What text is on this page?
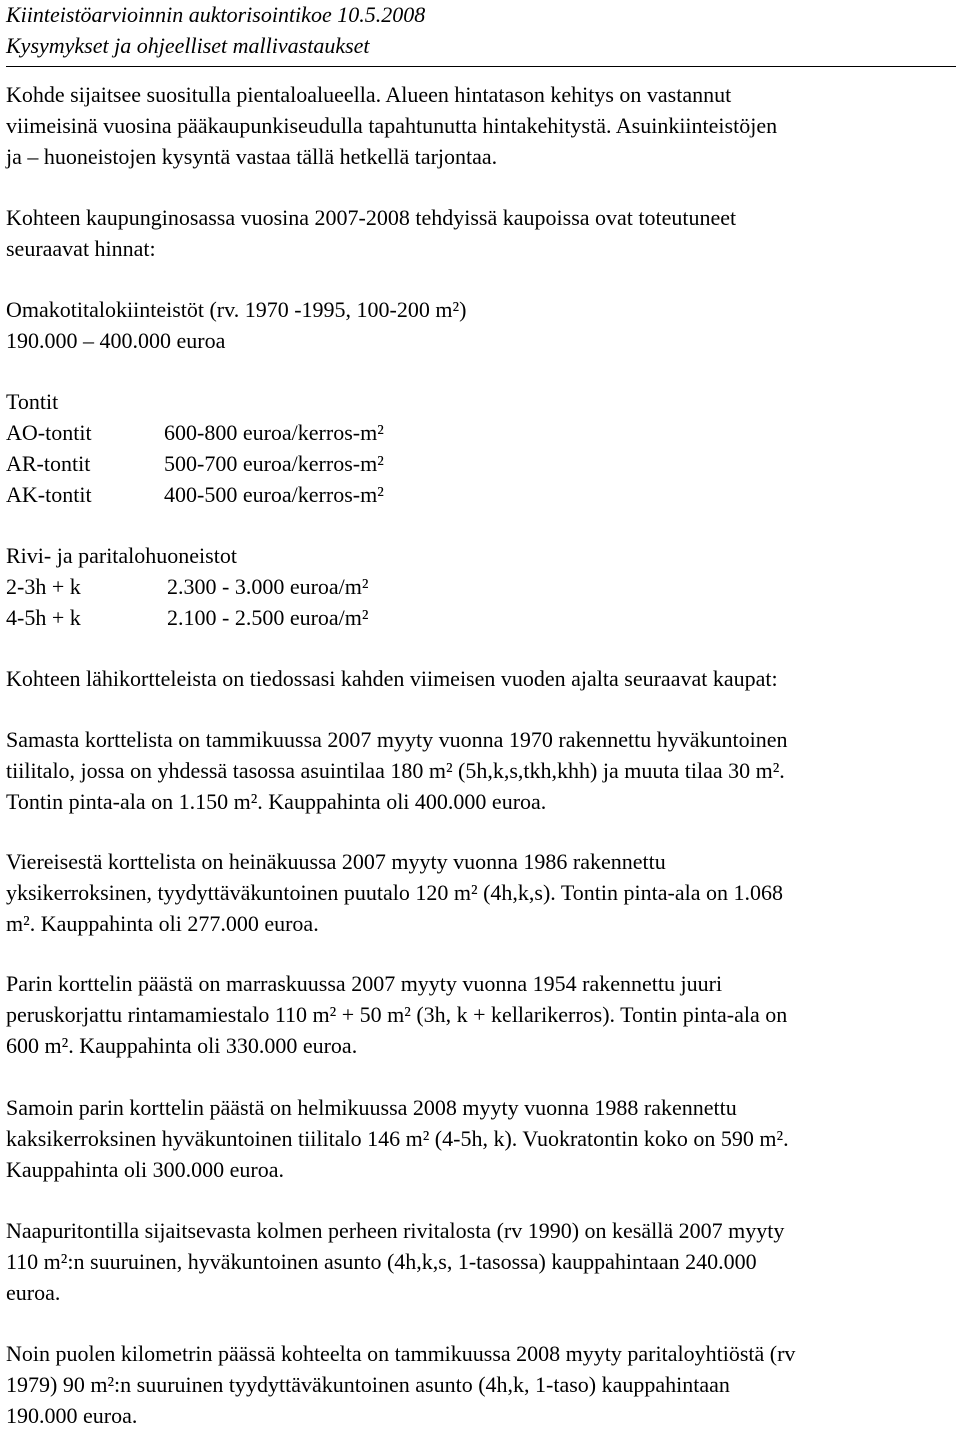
Kiinteistöarvioinnin auktorisointikoe 10.5.2008
Kysymykset ja ohjeelliset mallivastaukset
Kohde sijaitsee suositulla pientaloalueella. Alueen hintatason kehitys on vastannut
viimeisinä vuosina pääkaupunkiseudulla tapahtunutta hintakehitystä. Asuinkiinteistöjen
ja – huoneistojen kysyntä vastaa tällä hetkellä tarjontaa.
Kohteen kaupunginosassa vuosina 2007-2008 tehdyissä kaupoissa ovat toteutuneet
seuraavat hinnat:
Omakotitalokiinteistöt (rv. 1970 -1995, 100-200 m²)
190.000 – 400.000 euroa
Tontit
AO-tontit	600-800 euroa/kerros-m²
AR-tontit	500-700 euroa/kerros-m²
AK-tontit	400-500 euroa/kerros-m²
Rivi- ja paritalohuoneistot
2-3h + k	2.300 - 3.000 euroa/m²
4-5h + k	2.100 - 2.500 euroa/m²
Kohteen lähikortteleista on tiedossasi kahden viimeisen vuoden ajalta seuraavat kaupat:
Samasta korttelista on tammikuussa 2007 myyty vuonna 1970 rakennettu hyväkuntoinen
tiilitalo, jossa on yhdessä tasossa asuintilaa 180 m² (5h,k,s,tkh,khh) ja muuta tilaa 30 m².
Tontin pinta-ala on 1.150 m². Kauppahinta oli 400.000 euroa.
Viereisestä korttelista on heinäkuussa 2007 myyty vuonna 1986 rakennettu
yksikerroksinen, tyydyttäväkuntoinen puutalo 120 m² (4h,k,s). Tontin pinta-ala on 1.068
m². Kauppahinta oli 277.000 euroa.
Parin korttelin päästä on marraskuussa 2007 myyty vuonna 1954 rakennettu juuri
peruskorjattu rintamamiestalo 110 m² + 50 m² (3h, k + kellarikerros). Tontin pinta-ala on
600 m². Kauppahinta oli 330.000 euroa.
Samoin parin korttelin päästä on helmikuussa 2008 myyty vuonna 1988 rakennettu
kaksikerroksinen hyväkuntoinen tiilitalo 146 m² (4-5h, k). Vuokratontin koko on 590 m².
Kauppahinta oli 300.000 euroa.
Naapuritontilla sijaitsevasta kolmen perheen rivitalosta (rv 1990) on kesällä 2007 myyty
110 m²:n suuruinen, hyväkuntoinen asunto (4h,k,s, 1-tasossa) kauppahintaan 240.000
euroa.
Noin puolen kilometrin päässä kohteelta on tammikuussa 2008 myyty paritaloyhtiöstä (rv
1979) 90 m²:n suuruinen tyydyttäväkuntoinen asunto (4h,k, 1-taso) kauppahintaan
190.000 euroa.
